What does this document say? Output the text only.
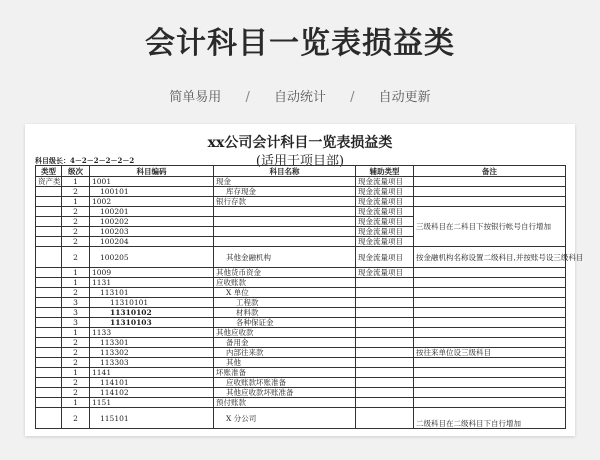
会计科目一览表损益类
简单易用 / 自动统计 / 自动更新
xx公司会计科目一览表损益类
(适用于项目部)
科目级长：4－2－2－2－2－2
类型	级次	科目编码	科目名称	辅助类型	备注
资产类	1	1001	现金	现金流量项目	
	2	100101	库存现金	现金流量项目	
	1	1002	银行存款	现金流量项目	
	2	100201		现金流量项目	三级科目在二科目下按银行帐号自行增加
	2	100202		现金流量项目	
	2	100203		现金流量项目	
	2	100204		现金流量项目	
	2	100205	其他金融机构	现金流量项目	按金融机构名称设置二级科目,并按账号设三级科目
	1	1009	其他货币资金	现金流量项目	
	1	1131	应收账款		
	2	113101	X 单位		
	3	11310101	工程款		
	3	11310102	材料款		
	3	11310103	各种保证金		
	1	1133	其他应收款		
	2	113301	备用金		
	2	113302	内部往来款		按往来单位设三级科目
	2	113303	其他		
	1	1141	坏账准备		
	2	114101	应收账款坏账准备		
	2	114102	其他应收款坏账准备		
	1	1151	预付账款		
	2	115101	X 分公司		二级科目在二级科目下自行增加
